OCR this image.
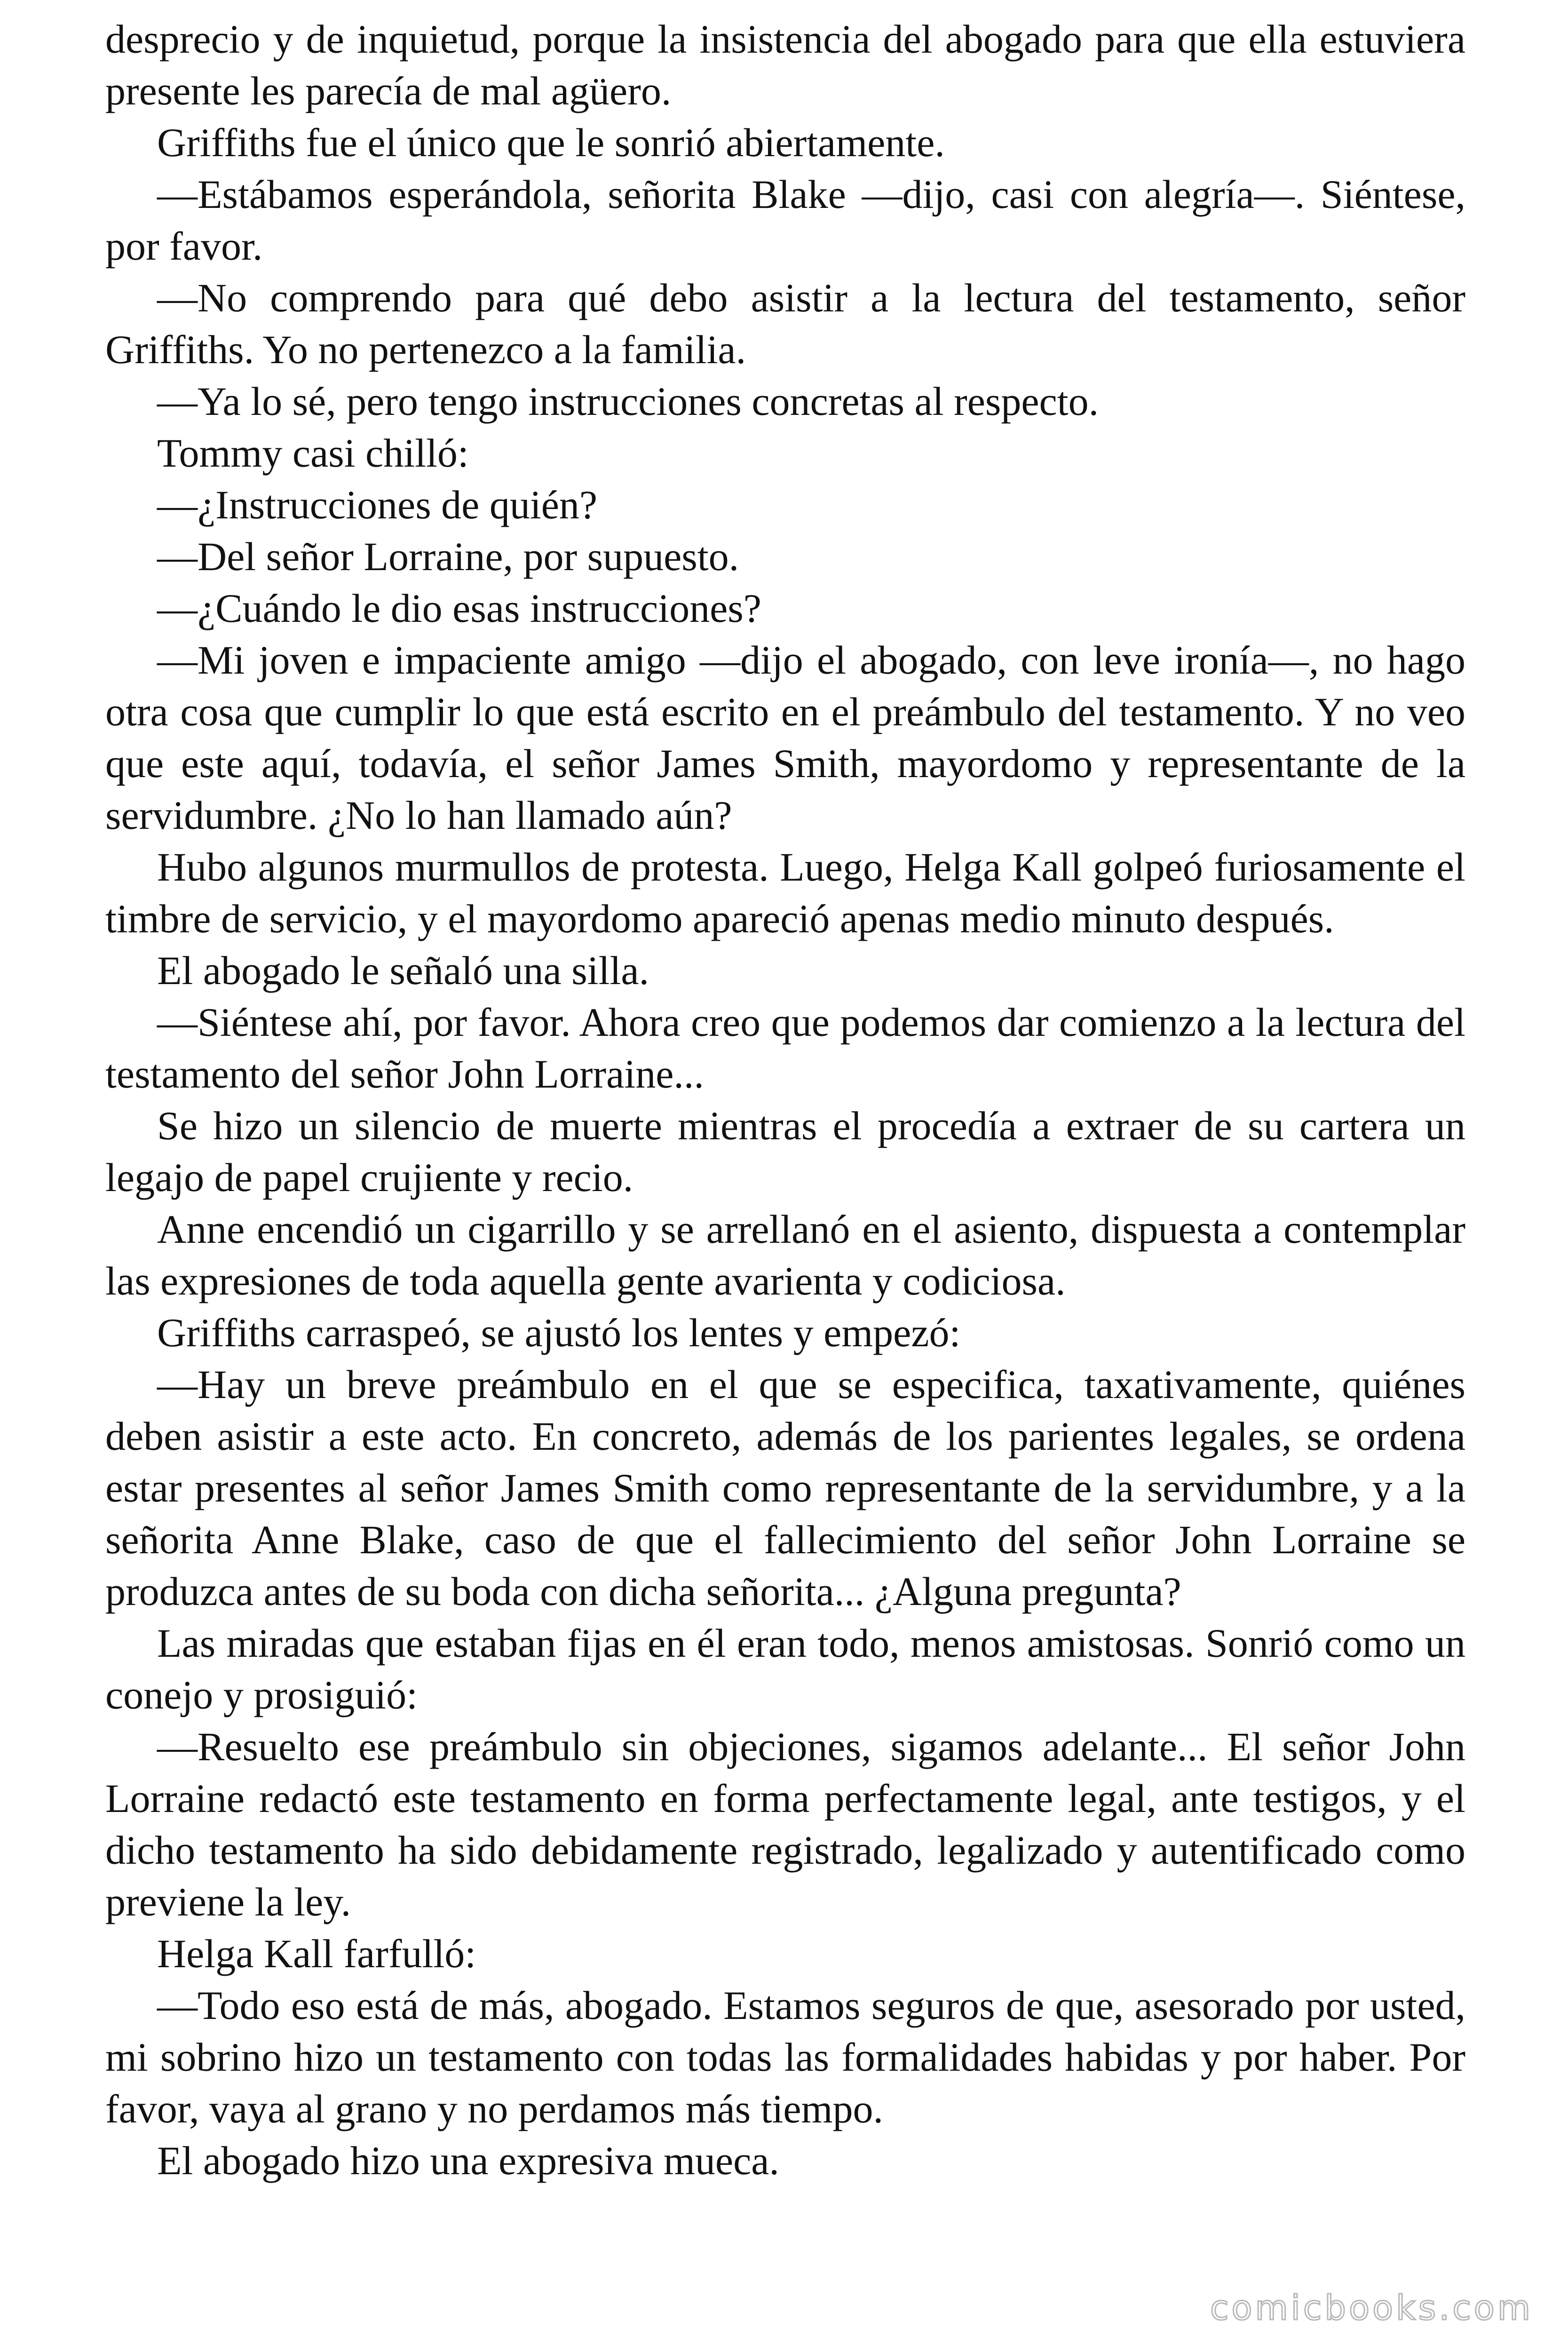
desprecio y de inquietud, porque la insistencia del abogado para que ella estuviera presente les parecía de mal agüero.

Griffiths fue el único que le sonrió abiertamente.

—Estábamos esperándola, señorita Blake —dijo, casi con alegría—. Siéntese, por favor.

—No comprendo para qué debo asistir a la lectura del testamento, señor Griffiths. Yo no pertenezco a la familia.

—Ya lo sé, pero tengo instrucciones concretas al respecto.

Tommy casi chilló:

—¿Instrucciones de quién?

—Del señor Lorraine, por supuesto.

—¿Cuándo le dio esas instrucciones?

—Mi joven e impaciente amigo —dijo el abogado, con leve ironía—, no hago otra cosa que cumplir lo que está escrito en el preámbulo del testamento. Y no veo que este aquí, todavía, el señor James Smith, mayordomo y representante de la servidumbre. ¿No lo han llamado aún?

Hubo algunos murmullos de protesta. Luego, Helga Kall golpeó furiosamente el timbre de servicio, y el mayordomo apareció apenas medio minuto después.

El abogado le señaló una silla.

—Siéntese ahí, por favor. Ahora creo que podemos dar comienzo a la lectura del testamento del señor John Lorraine...

Se hizo un silencio de muerte mientras el procedía a extraer de su cartera un legajo de papel crujiente y recio.

Anne encendió un cigarrillo y se arrellanó en el asiento, dispuesta a contemplar las expresiones de toda aquella gente avarienta y codiciosa.

Griffiths carraspeó, se ajustó los lentes y empezó:

—Hay un breve preámbulo en el que se especifica, taxativamente, quiénes deben asistir a este acto. En concreto, además de los parientes legales, se ordena estar presentes al señor James Smith como representante de la servidumbre, y a la señorita Anne Blake, caso de que el fallecimiento del señor John Lorraine se produzca antes de su boda con dicha señorita... ¿Alguna pregunta?

Las miradas que estaban fijas en él eran todo, menos amistosas. Sonrió como un conejo y prosiguió:

—Resuelto ese preámbulo sin objeciones, sigamos adelante... El señor John Lorraine redactó este testamento en forma perfectamente legal, ante testigos, y el dicho testamento ha sido debidamente registrado, legalizado y autentificado como previene la ley.

Helga Kall farfulló:

—Todo eso está de más, abogado. Estamos seguros de que, asesorado por usted, mi sobrino hizo un testamento con todas las formalidades habidas y por haber. Por favor, vaya al grano y no perdamos más tiempo.

El abogado hizo una expresiva mueca.

comicbooks.com
